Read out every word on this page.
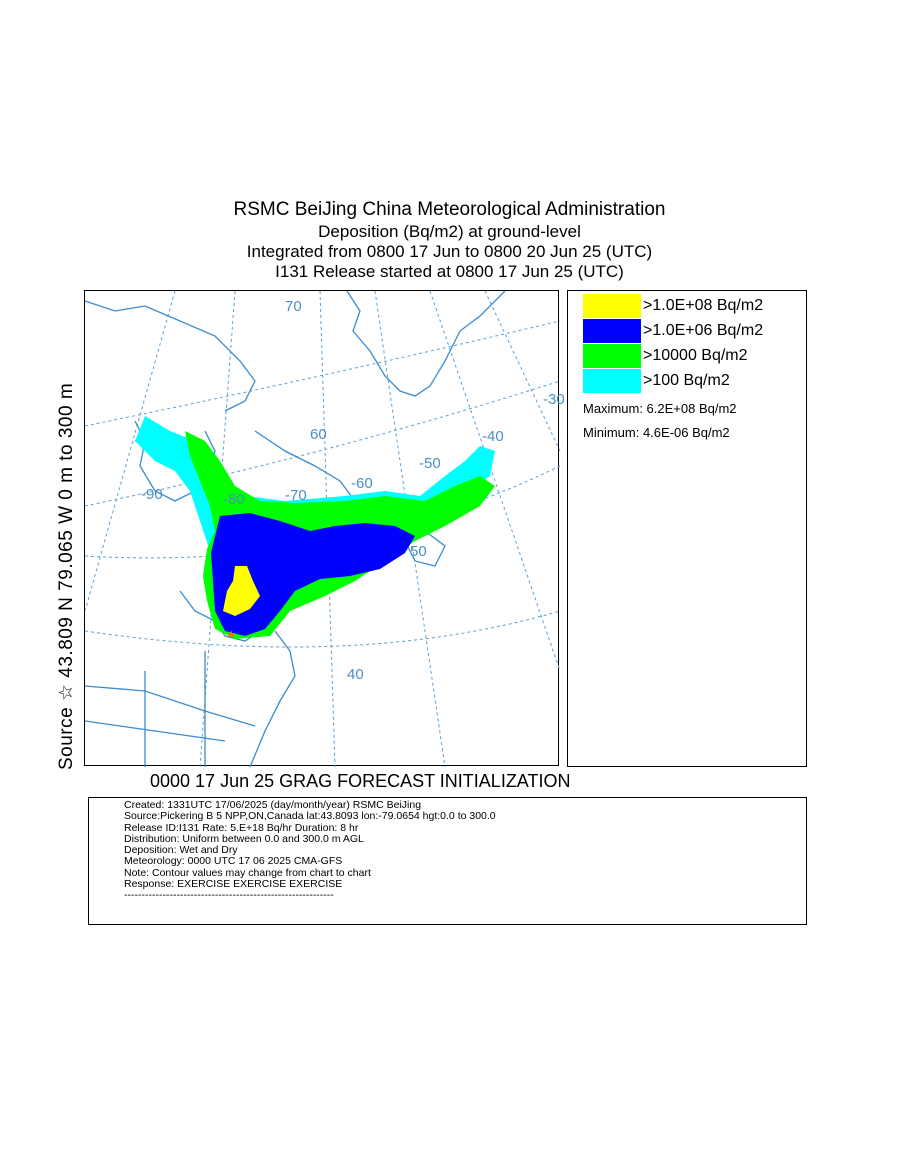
RSMC BeiJing China Meteorological Administration
Deposition (Bq/m2) at ground-level
Integrated from 0800 17 Jun to 0800 20 Jun 25 (UTC)
I131 Release started at 0800 17 Jun 25 (UTC)
Source ☆ 43.809 N 79.065 W 0 m to 300 m
70
-30
-40
-50
60
-60
-70
-90	-80
50
40
>1.0E+08 Bq/m2
>1.0E+06 Bq/m2
>10000 Bq/m2
>100 Bq/m2
Maximum: 6.2E+08 Bq/m2
Minimum: 4.6E-06 Bq/m2
0000 17 Jun 25 GRAG FORECAST INITIALIZATION
Created: 1331UTC 17/06/2025 (day/month/year) RSMC BeiJing
Source:Pickering B 5 NPP,ON,Canada lat:43.8093 lon:-79.0654 hgt:0.0 to 300.0
Release ID:I131 Rate: 5.E+18 Bq/hr Duration: 8 hr
Distribution: Uniform between 0.0 and 300.0 m AGL
Deposition: Wet and Dry
Meteorology: 0000 UTC 17 06 2025 CMA-GFS
Note: Contour values may change from chart to chart
Response: EXERCISE EXERCISE EXERCISE
------------------------------------------------------------
